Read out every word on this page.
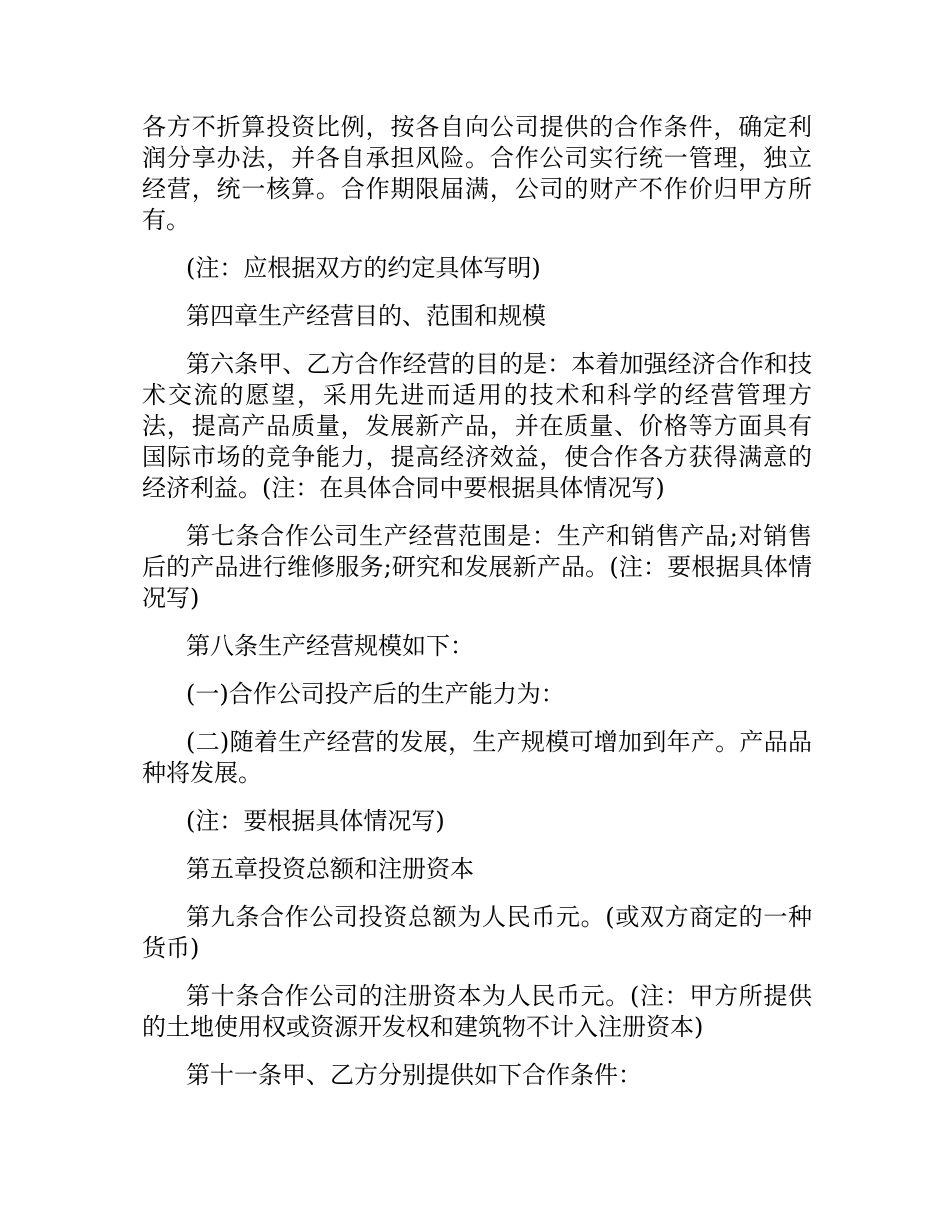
各方不折算投资比例，按各自向公司提供的合作条件，确定利润分享办法，并各自承担风险。合作公司实行统一管理，独立经营，统一核算。合作期限届满，公司的财产不作价归甲方所有。

(注：应根据双方的约定具体写明)

第四章生产经营目的、范围和规模

第六条甲、乙方合作经营的目的是：本着加强经济合作和技术交流的愿望，采用先进而适用的技术和科学的经营管理方法，提高产品质量，发展新产品，并在质量、价格等方面具有国际市场的竞争能力，提高经济效益，使合作各方获得满意的经济利益。(注：在具体合同中要根据具体情况写)

第七条合作公司生产经营范围是：生产和销售产品;对销售后的产品进行维修服务;研究和发展新产品。(注：要根据具体情况写)

第八条生产经营规模如下：

(一)合作公司投产后的生产能力为：

(二)随着生产经营的发展，生产规模可增加到年产。产品品种将发展。

(注：要根据具体情况写)

第五章投资总额和注册资本

第九条合作公司投资总额为人民币元。(或双方商定的一种货币)

第十条合作公司的注册资本为人民币元。(注：甲方所提供的土地使用权或资源开发权和建筑物不计入注册资本)

第十一条甲、乙方分别提供如下合作条件：
